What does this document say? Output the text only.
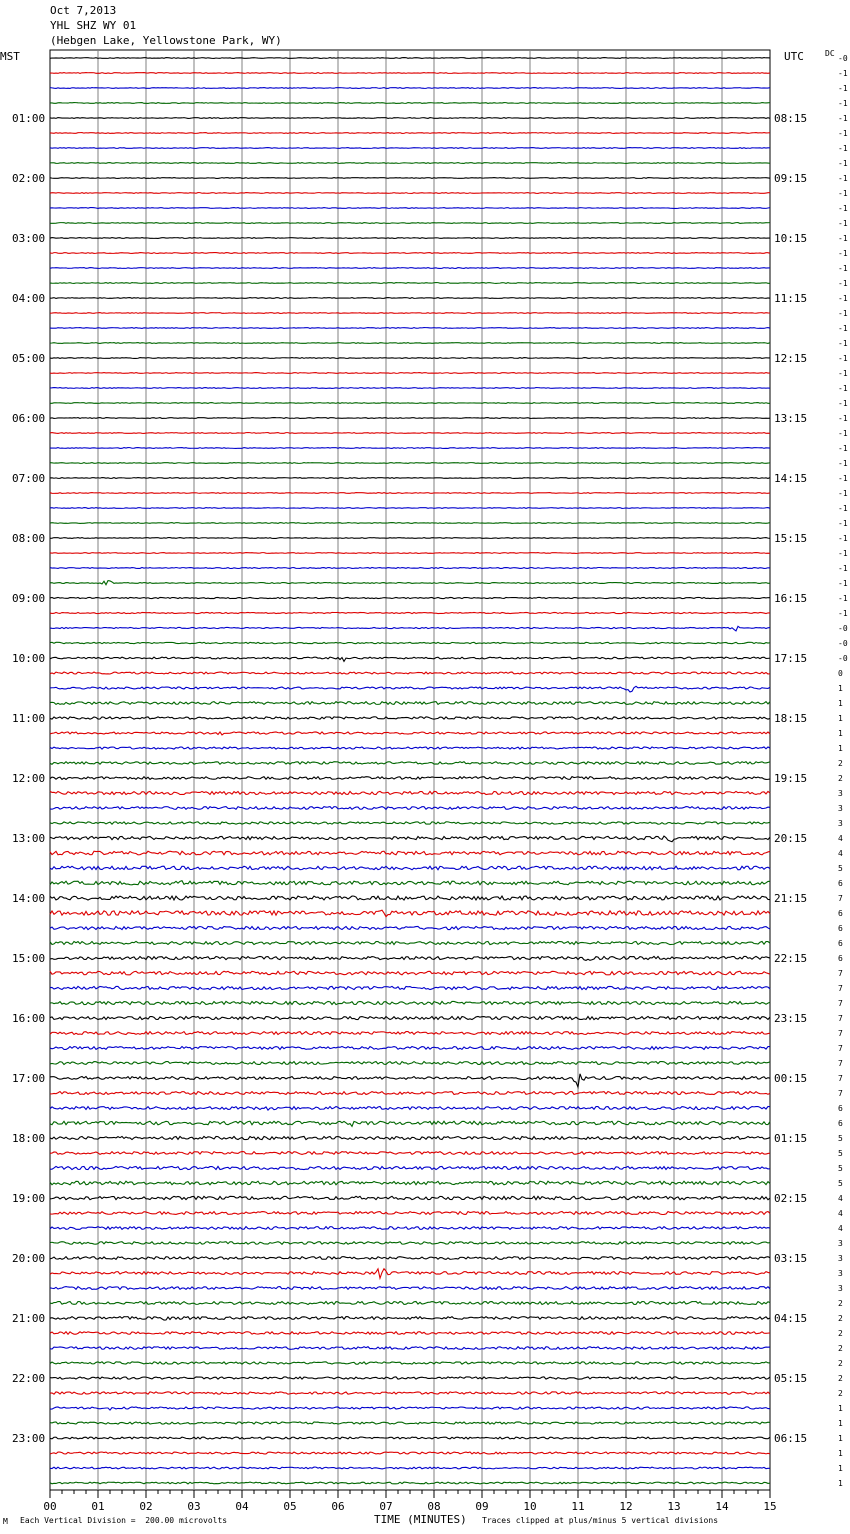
Oct 7,2013
YHL SHZ WY 01
(Hebgen Lake, Yellowstone Park, WY)
MST	UTC	DC
-0
-1
-1
-1
-1
-1
-1
-1
-1
-1
-1
-1
-1
-1
-1
-1
-1
-1
-1
-1
-1
-1
-1
-1
-1
-1
-1
-1
-1
-1
-1
-1
-1
-1
-1
-1
-1
-1
-0
-0
-0
0
1
1
1
1
1
2
2
3
3
3
4
4
5
6
7
6
6
6
6
7
7
7
7
7
7
7
7
7
6
6
5
5
5
5
4
4
4
3
3
3
3
2
2
2
2
2
2
2
1
1
1
1
1
1
01:00
02:00
03:00
04:00
05:00
06:00
07:00
08:00
09:00
10:00
11:00
12:00
13:00
14:00
15:00
16:00
17:00
18:00
19:00
20:00
21:00
22:00
23:00
08:15
09:15
10:15
11:15
12:15
13:15
14:15
15:15
16:15
17:15
18:15
19:15
20:15
21:15
22:15
23:15
00:15
01:15
02:15
03:15
04:15
05:15
06:15
00	01	02	03	04	05	06	07	08	09	10	11	12	13	14	15
M Each Vertical Division =  200.00 microvolts	TIME (MINUTES) Traces clipped at plus/minus 5 vertical divisions
